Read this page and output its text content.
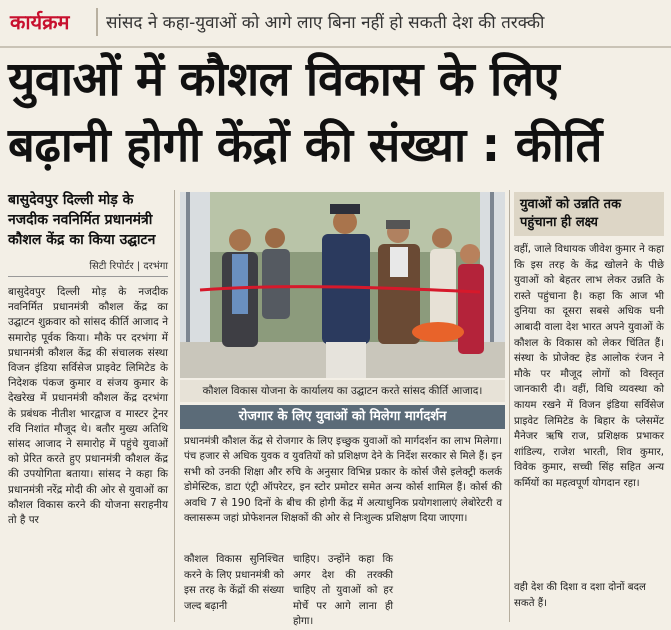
कार्यक्रम सांसद ने कहा-युवाओं को आगे लाए बिना नहीं हो सकती देश की तरक्की
युवाओं में कौशल विकास के लिए
बढ़ानी होगी केंद्रों की संख्या : कीर्ति
बासुदेवपुर दिल्ली मोड़ के नजदीक नवनिर्मित प्रधानमंत्री कौशल केंद्र का किया उद्घाटन
सिटी रिपोर्टर | दरभंगा
बासुदेवपुर दिल्ली मोड़ के नजदीक नवनिर्मित प्रधानमंत्री कौशल केंद्र का उद्घाटन शुक्रवार को सांसद कीर्ति आजाद ने समारोह पूर्वक किया। मौके पर दरभंगा में प्रधानमंत्री कौशल केंद्र की संचालक संस्था विजन इंडिया सर्विसेज प्राइवेट लिमिटेड के निदेशक पंकज कुमार व संजय कुमार के देखरेख में प्रधानमंत्री कौशल केंद्र दरभंगा के प्रबंधक नीतीश भारद्वाज व मास्टर ट्रेनर रवि निशांत मौजूद थे। बतौर मुख्य अतिथि सांसद आजाद ने समारोह में पहुंचे युवाओं को प्रेरित करते हुए प्रधानमंत्री कौशल केंद्र की उपयोगिता बताया। सांसद ने कहा कि प्रधानमंत्री नरेंद्र मोदी की ओर से युवाओं का कौशल विकास करने की योजना सराहनीय तो है पर
कौशल विकास योजना के कार्यालय का उद्घाटन करते सांसद कीर्ति आजाद।
रोजगार के लिए युवाओं को मिलेगा मार्गदर्शन
प्रधानमंत्री कौशल केंद्र से रोजगार के लिए इच्छुक युवाओं को मार्गदर्शन का लाभ मिलेगा। पंच हजार से अधिक युवक व युवतियों को प्रशिक्षण देने के निर्देश सरकार से मिले हैं। इन सभी को उनकी शिक्षा और रुचि के अनुसार विभिन्न प्रकार के कोर्स जैसे इलेक्ट्री कलर्क डोमेस्टिक, डाटा एंट्री ऑपरेटर, इन स्टोर प्रमोटर समेत अन्य कोर्स शामिल हैं। कोर्स की अवधि 7 से 190 दिनों के बीच की होगी केंद्र में अत्याधुनिक प्रयोगशालाएं लेबोरेटरी व क्लासरूम जहां प्रोफेशनल शिक्षकों की ओर से निःशुल्क प्रशिक्षण दिया जाएगा।
कौशल विकास सुनिश्चित करने के लिए प्रधानमंत्री को इस तरह के केंद्रों की संख्या जल्द बढ़ानी
चाहिए। उन्होंने कहा कि अगर देश की तरक्की चाहिए तो युवाओं को हर मोर्चे पर आगे लाना ही होगा।
युवाओं को उन्नति तक पहुंचाना ही लक्ष्य
वहीं, जाले विधायक जीवेश कुमार ने कहा कि इस तरह के केंद्र खोलने के पीछे युवाओं को बेहतर लाभ लेकर उन्नति के रास्ते पहुंचाना है। कहा कि आज भी दुनिया का दूसरा सबसे अधिक घनी आबादी वाला देश भारत अपने युवाओं के कौशल के विकास को लेकर चिंतित हैं। संस्था के प्रोजेक्ट हेड आलोक रंजन ने मौके पर मौजूद लोगों को विस्तृत जानकारी दी। वहीं, विधि व्यवस्था को कायम रखने में विजन इंडिया सर्विसेज प्राइवेट लिमिटेड के बिहार के प्लेसमेंट मैनेजर ऋषि राज, प्रशिक्षक प्रभाकर शांडिल्य, राजेश भारती, शिव कुमार, विवेक कुमार, सच्ची सिंह सहित अन्य कर्मियों का महत्वपूर्ण योगदान रहा।
वही देश की दिशा व दशा दोनों बदल सकते हैं।
